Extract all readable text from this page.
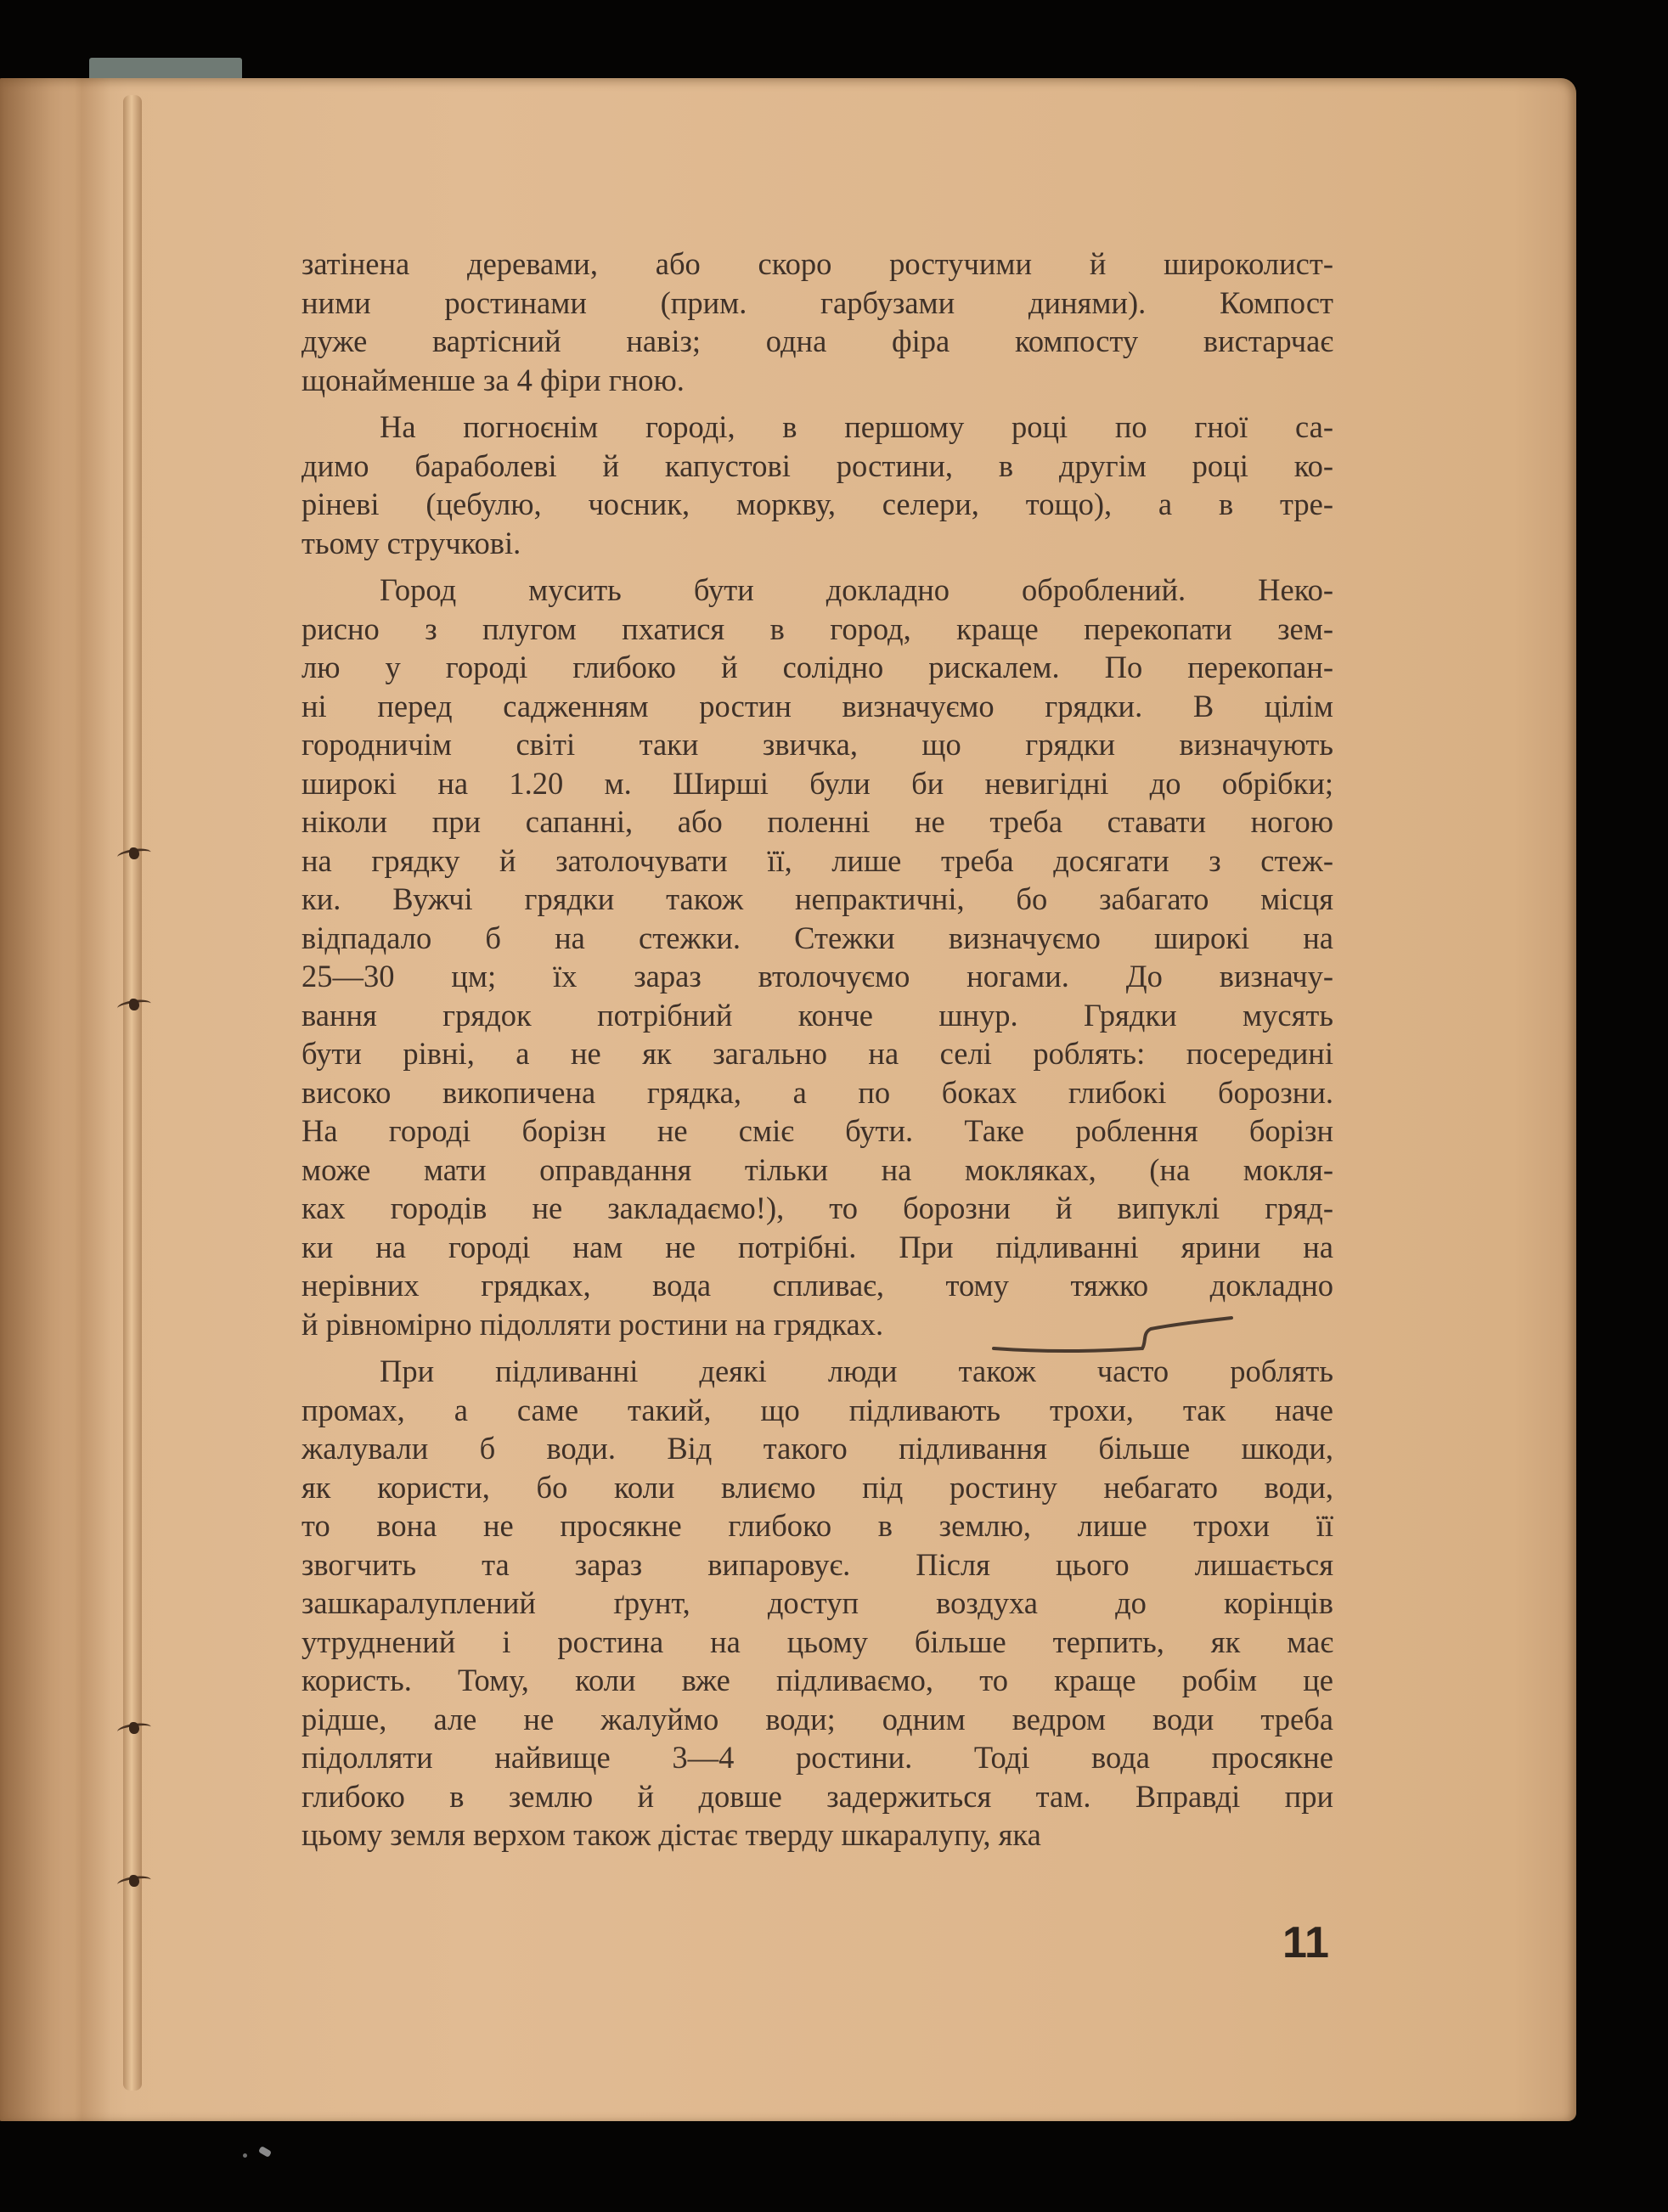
затінена деревами, або скоро ростучими й широколист-
ними ростинами (прим. гарбузами динями). Компост
дуже вартісний навіз; одна фіра компосту вистарчає
щонайменше за 4 фіри гною.
На погноєнім городі, в першому році по гної са-
димо бараболеві й капустові ростини, в другім році ко-
ріневі (цебулю, чосник, моркву, селери, тощо), а в тре-
тьому стручкові.
Город мусить бути докладно оброблений. Неко-
рисно з плугом пхатися в город, краще перекопати зем-
лю у городі глибоко й солідно рискалем. По перекопан-
ні перед садженням ростин визначуємо грядки. В цілім
городничім світі таки звичка, що грядки визначують
широкі на 1.20 м. Ширші були би невигідні до обрібки;
ніколи при сапанні, або поленні не треба ставати ногою
на грядку й затолочувати її, лише треба досягати з стеж-
ки. Вужчі грядки також непрактичні, бо забагато місця
відпадало б на стежки. Стежки визначуємо широкі на
25—30 цм; їх зараз втолочуємо ногами. До визначу-
вання грядок потрібний конче шнур. Грядки мусять
бути рівні, а не як загально на селі роблять: посередині
високо викопичена грядка, а по боках глибокі борозни.
На городі борізн не сміє бути. Таке роблення борізн
може мати оправдання тільки на мокляках, (на мокля-
ках городів не закладаємо!), то борозни й випуклі гряд-
ки на городі нам не потрібні. При підливанні ярини на
нерівних грядках, вода спливає, тому тяжко докладно
й рівномірно підолляти ростини на грядках.
При підливанні деякі люди також часто роблять
промах, а саме такий, що підливають трохи, так наче
жалували б води. Від такого підливання більше шкоди,
як користи, бо коли влиємо під ростину небагато води,
то вона не просякне глибоко в землю, лише трохи її
звогчить та зараз випаровує. Після цього лишається
зашкаралуплений ґрунт, доступ воздуха до корінців
утруднений і ростина на цьому більше терпить, як має
користь. Тому, коли вже підливаємо, то краще робім це
рідше, але не жалуймо води; одним ведром води треба
підолляти найвище 3—4 ростини. Тоді вода просякне
глибоко в землю й довше задержиться там. Вправді при
цьому земля верхом також дістає тверду шкаралупу, яка
11
